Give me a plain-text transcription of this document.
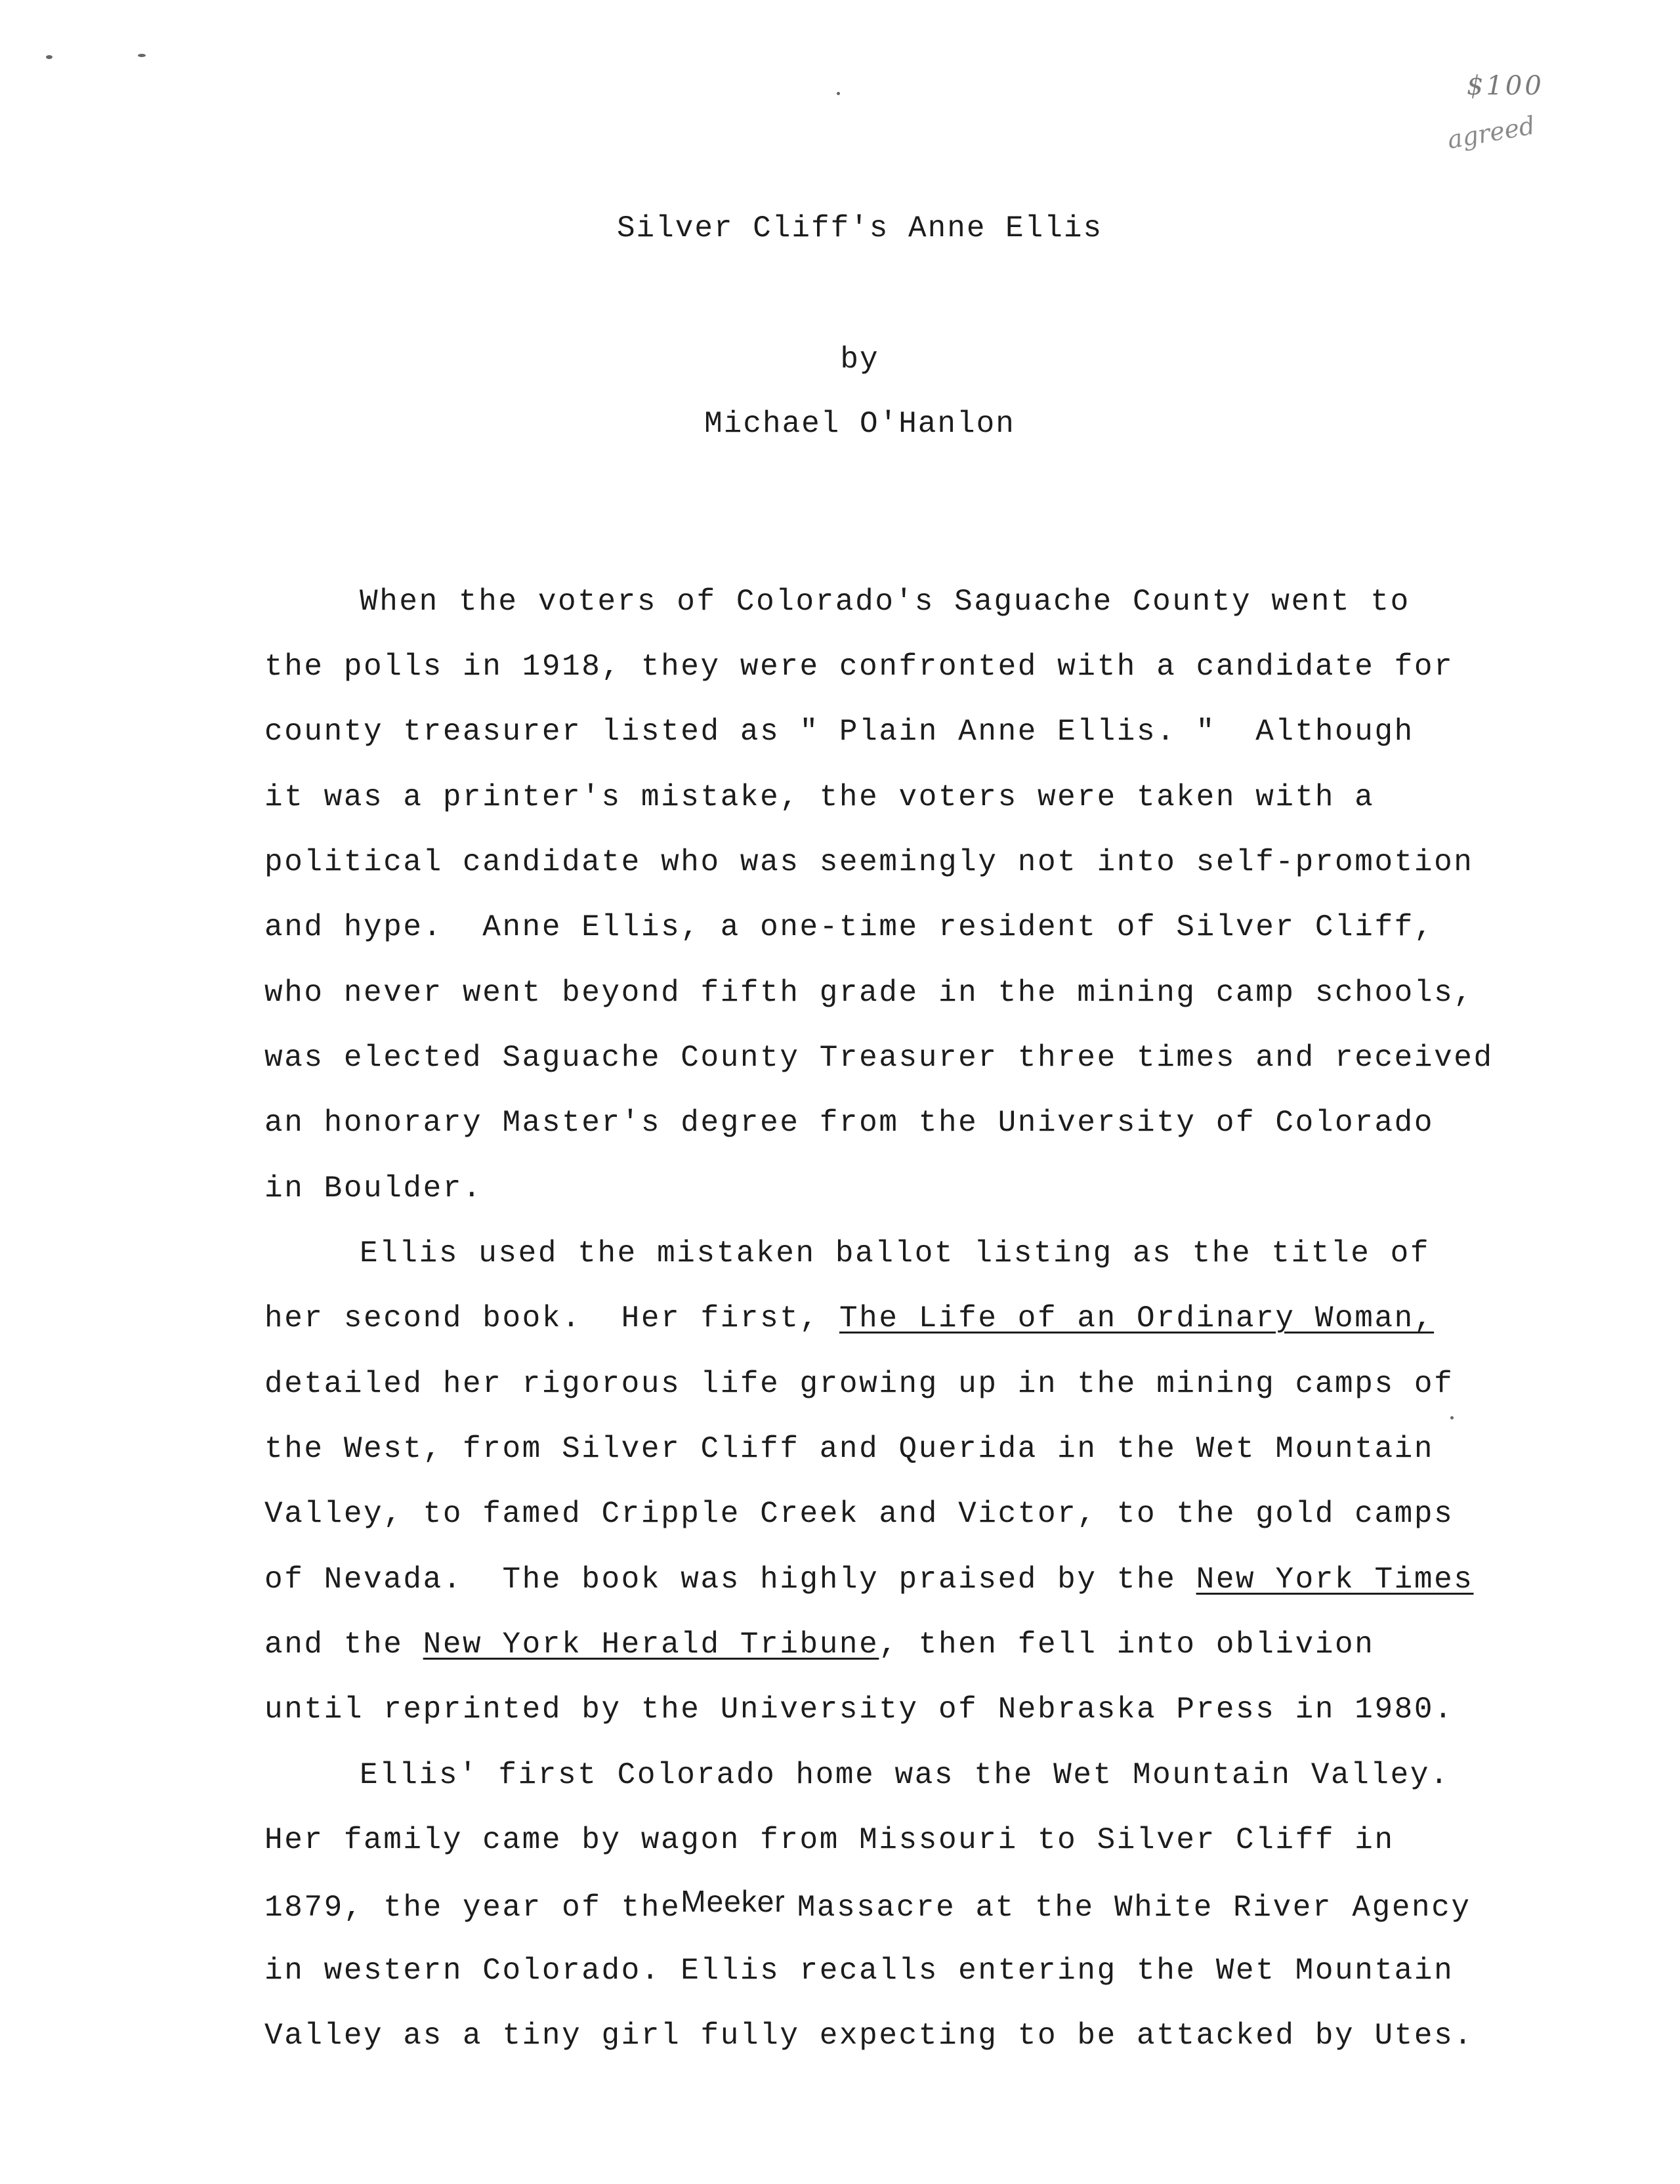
$100
agreed
Silver Cliff's Anne Ellis
by
Michael O'Hanlon
When the voters of Colorado's Saguache County went to
the polls in 1918, they were confronted with a candidate for
county treasurer listed as " Plain Anne Ellis. "  Although
it was a printer's mistake, the voters were taken with a
political candidate who was seemingly not into self-promotion
and hype.  Anne Ellis, a one-time resident of Silver Cliff,
who never went beyond fifth grade in the mining camp schools,
was elected Saguache County Treasurer three times and received
an honorary Master's degree from the University of Colorado
in Boulder.
Ellis used the mistaken ballot listing as the title of
her second book.  Her first, The Life of an Ordinary Woman,
detailed her rigorous life growing up in the mining camps of
the West, from Silver Cliff and Querida in the Wet Mountain
Valley, to famed Cripple Creek and Victor, to the gold camps
of Nevada.  The book was highly praised by the New York Times
and the New York Herald Tribune, then fell into oblivion
until reprinted by the University of Nebraska Press in 1980.
Ellis' first Colorado home was the Wet Mountain Valley.
Her family came by wagon from Missouri to Silver Cliff in
1879, the year of theMeeker Massacre at the White River Agency
in western Colorado. Ellis recalls entering the Wet Mountain
Valley as a tiny girl fully expecting to be attacked by Utes.
